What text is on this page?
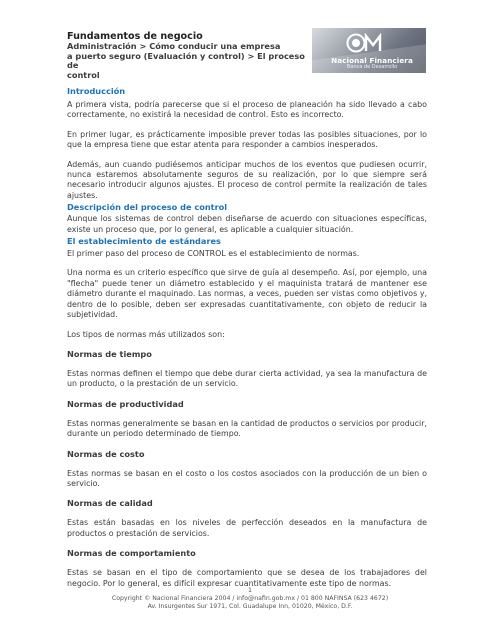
Fundamentos de negocio
Administración > Cómo conducir una empresa
a puerto seguro (Evaluación y control) > El proceso de
control
Nacional Financiera
Banca de Desarrollo
Introducción

A primera vista, podría parecerse que si el proceso de planeación ha sido llevado a cabo correctamente, no existirá la necesidad de control. Esto es incorrecto.

En primer lugar, es prácticamente imposible prever todas las posibles situaciones, por lo que la empresa tiene que estar atenta para responder a cambios inesperados.

Además, aun cuando pudiésemos anticipar muchos de los eventos que pudiesen ocurrir, nunca estaremos absolutamente seguros de su realización, por lo que siempre será necesario introducir algunos ajustes. El proceso de control permite la realización de tales ajustes.

Descripción del proceso de control

Aunque los sistemas de control deben diseñarse de acuerdo con situaciones específicas, existe un proceso que, por lo general, es aplicable a cualquier situación.

El establecimiento de estándares

El primer paso del proceso de CONTROL es el establecimiento de normas.

Una norma es un criterio específico que sirve de guía al desempeño. Así, por ejemplo, una "flecha" puede tener un diámetro establecido y el maquinista tratará de mantener ese diámetro durante el maquinado. Las normas, a veces, pueden ser vistas como objetivos y, dentro de lo posible, deben ser expresadas cuantitativamente, con objeto de reducir la subjetividad.

Los tipos de normas más utilizados son:

Normas de tiempo

Estas normas definen el tiempo que debe durar cierta actividad, ya sea la manufactura de un producto, o la prestación de un servicio.

Normas de productividad

Estas normas generalmente se basan en la cantidad de productos o servicios por producir, durante un periodo determinado de tiempo.

Normas de costo

Estas normas se basan en el costo o los costos asociados con la producción de un bien o servicio.

Normas de calidad

Estas están basadas en los niveles de perfección deseados en la manufactura de productos o prestación de servicios.

Normas de comportamiento

Estas se basan en el tipo de comportamiento que se desea de los trabajadores del negocio. Por lo general, es difícil expresar cuantitativamente este tipo de normas.

1
Copyright © Nacional Financiera 2004 / info@nafin.gob.mx / 01 800 NAFINSA (623 4672)
Av. Insurgentes Sur 1971, Col. Guadalupe Inn, 01020, México, D.F.
